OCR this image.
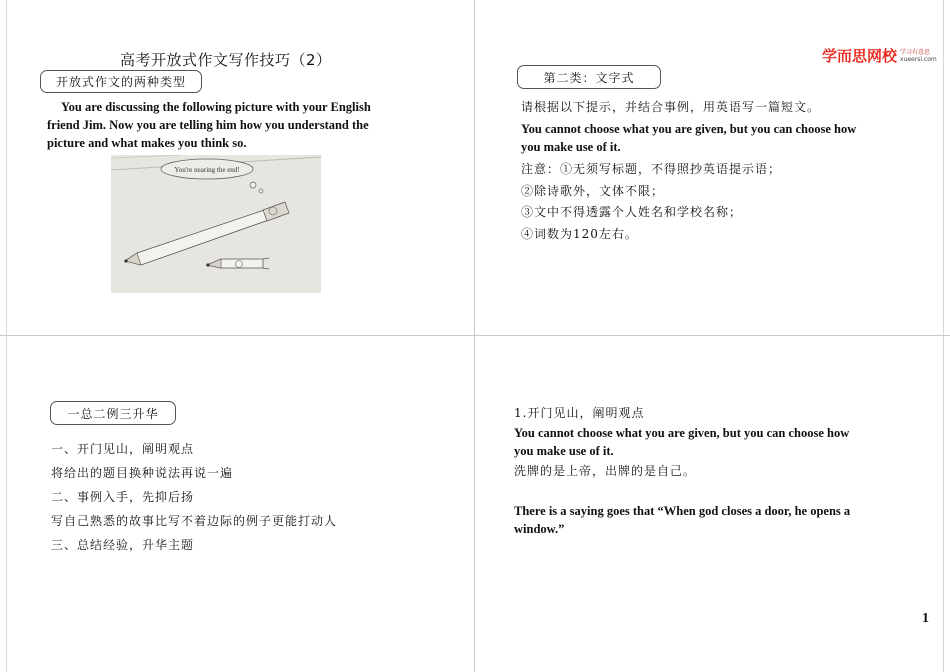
高考开放式作文写作技巧（2）
开放式作文的两种类型
You are discussing the following picture with your English
friend Jim. Now you are telling him how you understand the
picture and what makes you think so.
You're nearing the end!
学而思网校 学习有意思
xueersi.com
第二类：文字式
请根据以下提示，并结合事例，用英语写一篇短文。
You cannot choose what you are given, but you can choose how
you make use of it.
注意：①无须写标题，不得照抄英语提示语；
②除诗歌外，文体不限；
③文中不得透露个人姓名和学校名称；
④词数为120左右。
一总二例三升华
一、开门见山，阐明观点
将给出的题目换种说法再说一遍
二、事例入手，先抑后扬
写自己熟悉的故事比写不着边际的例子更能打动人
三、总结经验，升华主题
1.开门见山，阐明观点
You cannot choose what you are given, but you can choose how
you make use of it.
洗牌的是上帝，出牌的是自己。
There is a saying goes that “When god closes a door, he opens a
window.”
1
